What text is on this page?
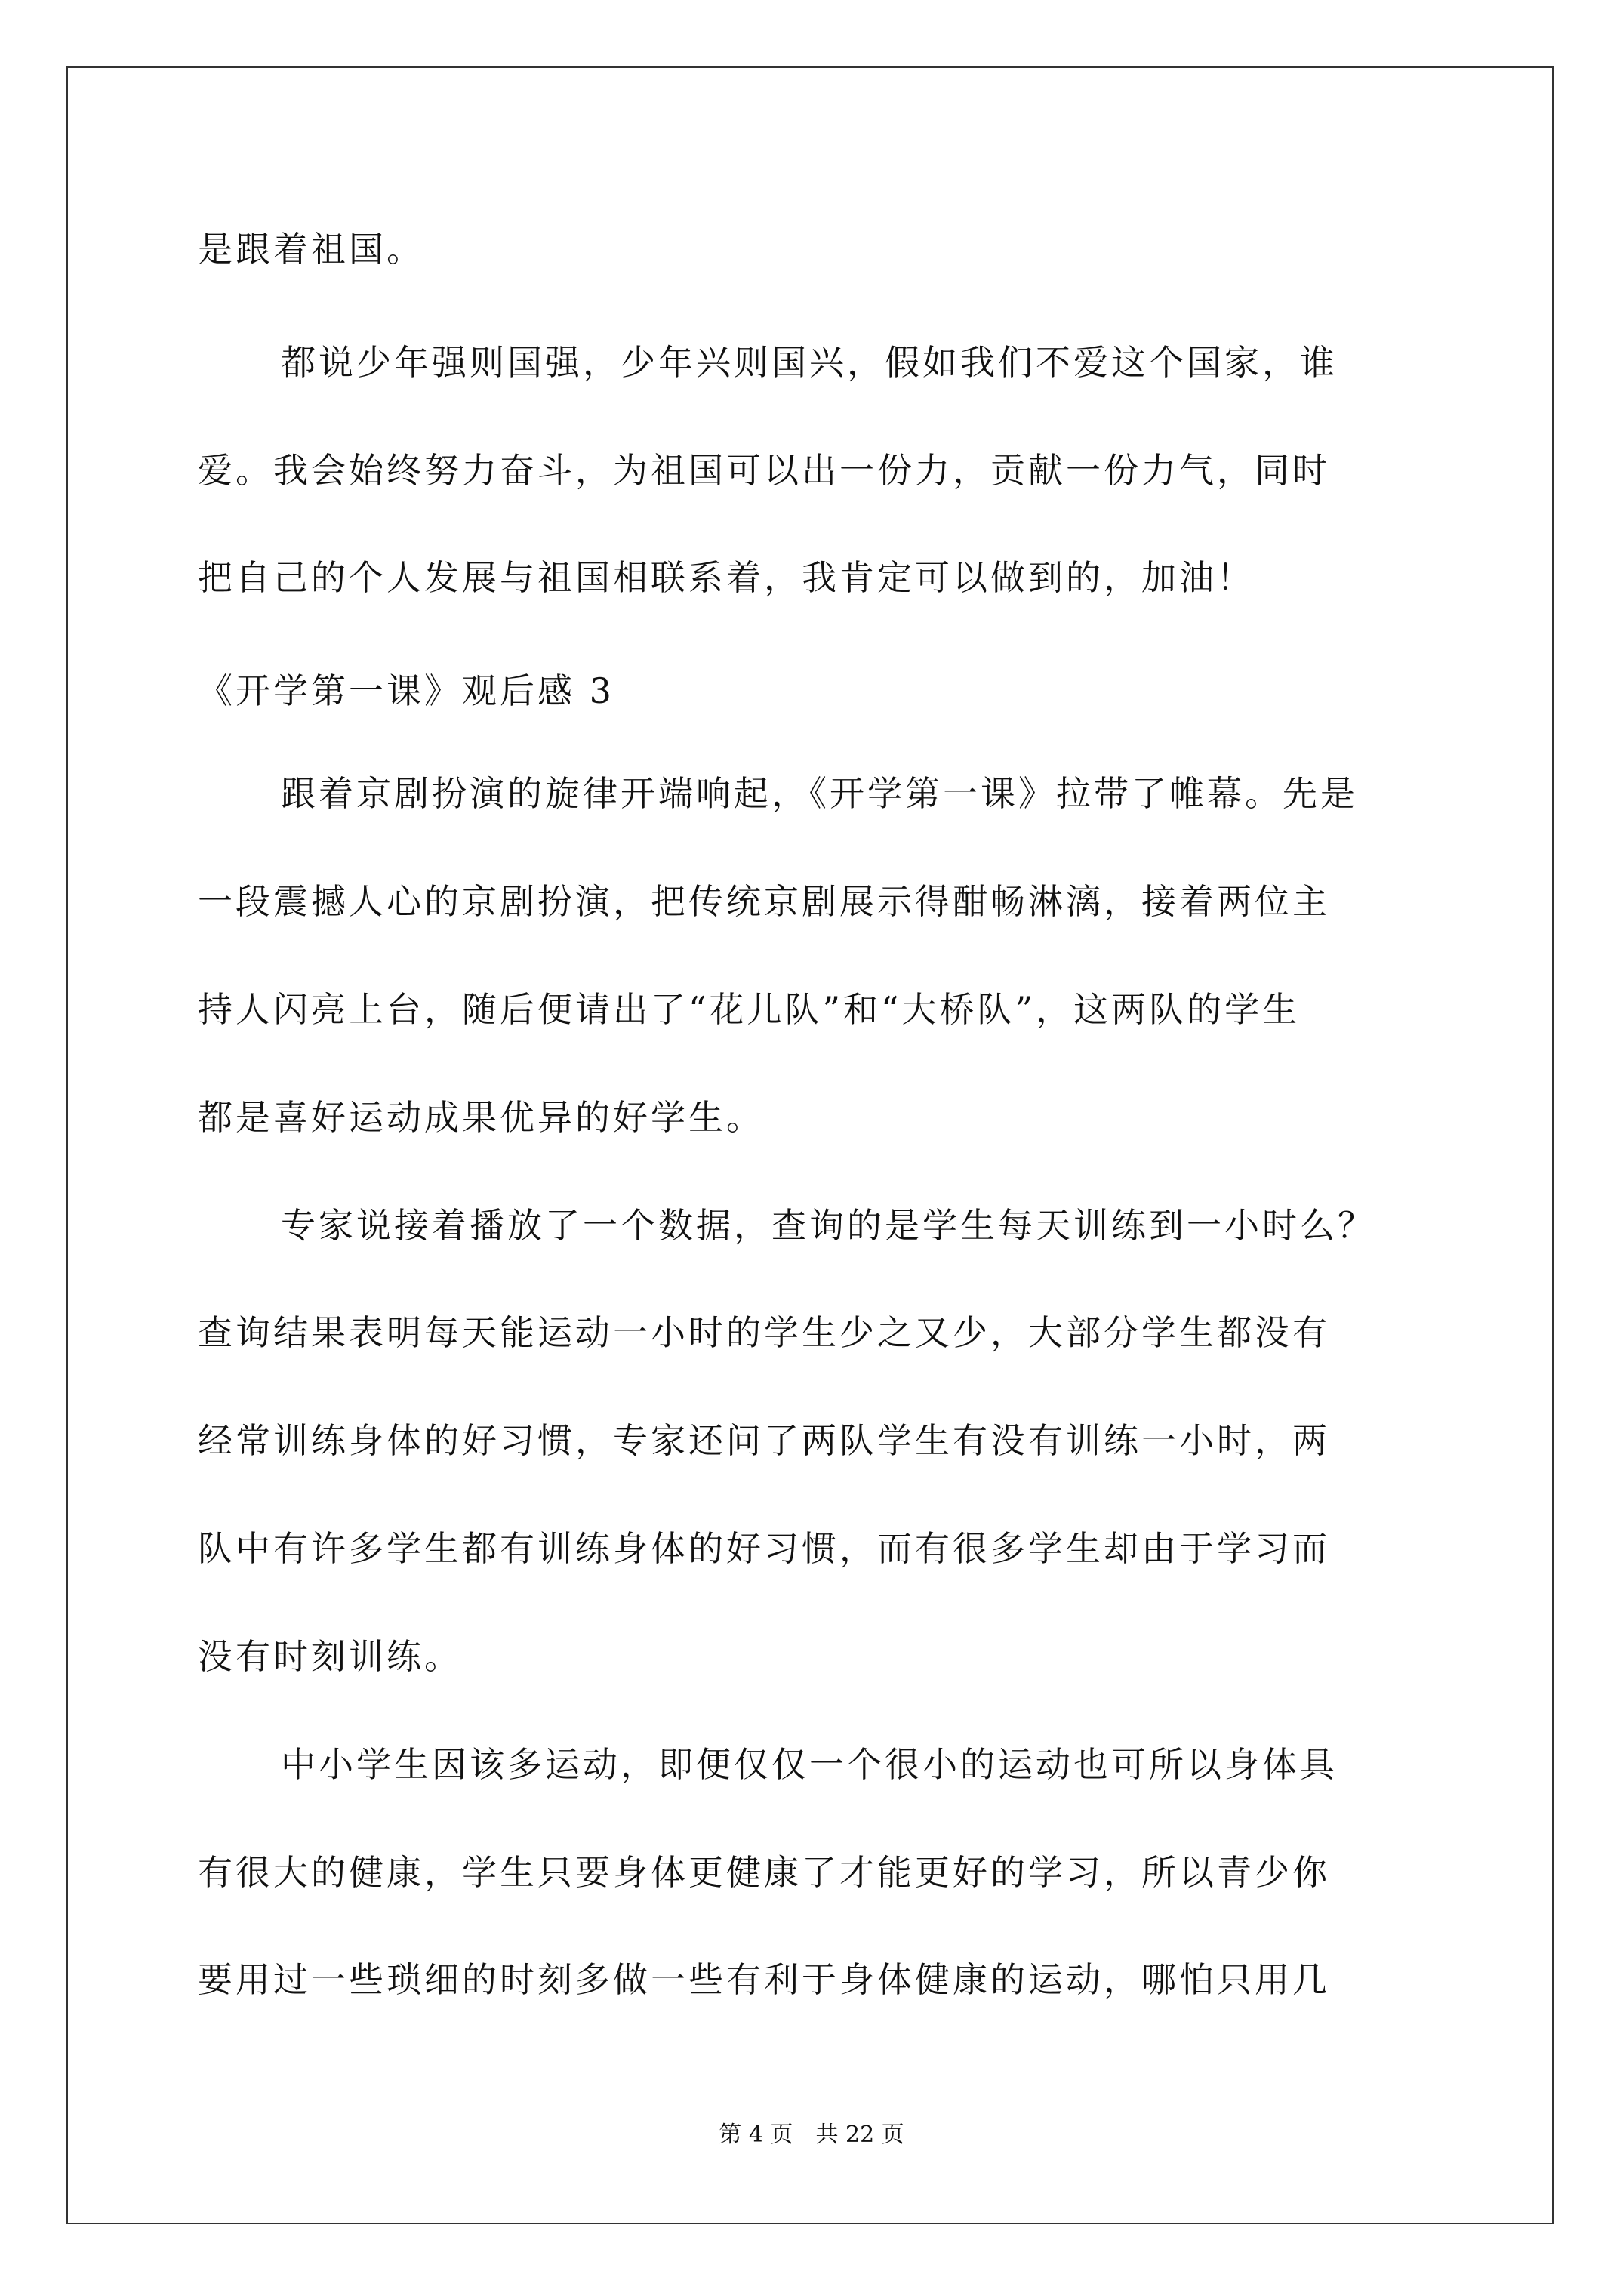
是跟着祖国。
都说少年强则国强，少年兴则国兴，假如我们不爱这个国家，谁
爱。我会始终努力奋斗，为祖国可以出一份力，贡献一份力气，同时
把自己的个人发展与祖国相联系着，我肯定可以做到的，加油！
《开学第一课》观后感 3
跟着京剧扮演的旋律开端响起，《开学第一课》拉带了帷幕。先是
一段震撼人心的京剧扮演，把传统京剧展示得酣畅淋漓，接着两位主
持人闪亮上台，随后便请出了“花儿队”和“大桥队”，这两队的学生
都是喜好运动成果优异的好学生。
专家说接着播放了一个数据，查询的是学生每天训练到一小时么？
查询结果表明每天能运动一小时的学生少之又少，大部分学生都没有
经常训练身体的好习惯，专家还问了两队学生有没有训练一小时，两
队中有许多学生都有训练身体的好习惯，而有很多学生却由于学习而
没有时刻训练。
中小学生因该多运动，即便仅仅一个很小的运动也可所以身体具
有很大的健康，学生只要身体更健康了才能更好的学习，所以青少你
要用过一些琐细的时刻多做一些有利于身体健康的运动，哪怕只用几
第 4 页　共 22 页
